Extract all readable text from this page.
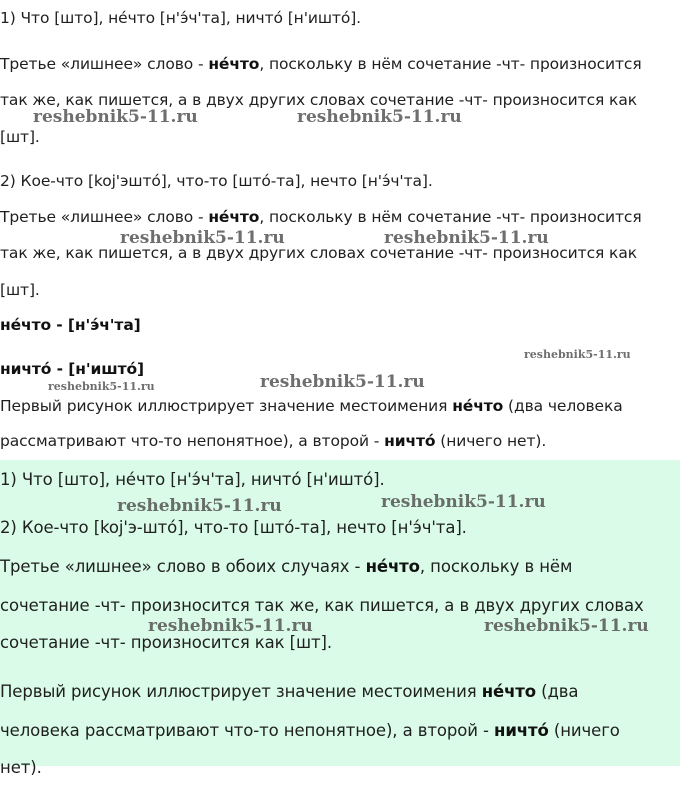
1) Что [што], не́что [н'э́ч'та], ничто́ [н'ишто́].

Третье «лишнее» слово - не́что, поскольку в нём сочетание -чт- произносится

так же, как пишется, а в двух других словах сочетание -чт- произносится как

[шт].

2) Кое-что [koj'эшто́], что-то [што́-та], нечто [н'э́ч'та].

Третье «лишнее» слово - не́что, поскольку в нём сочетание -чт- произносится

так же, как пишется, а в двух других словах сочетание -чт- произносится как

[шт].

не́что - [н'э́ч'та]

ничто́ - [н'ишто́]

Первый рисунок иллюстрирует значение местоимения не́что (два человека

рассматривают что-то непонятное), а второй - ничто́ (ничего нет).

1) Что [што], не́что [н'э́ч'та], ничто́ [н'ишто́].

2) Кое-что [koj'э-што́], что-то [што́-та], нечто [н'э́ч'та].

Третье «лишнее» слово в обоих случаях - не́что, поскольку в нём

сочетание -чт- произносится так же, как пишется, а в двух других словах

сочетание -чт- произносится как [шт].

Первый рисунок иллюстрирует значение местоимения не́что (два

человека рассматривают что-то непонятное), а второй - ничто́ (ничего

нет).

reshebnik5-11.ru	reshebnik5-11.ru
reshebnik5-11.ru	reshebnik5-11.ru
reshebnik5-11.ru
reshebnik5-11.ru
reshebnik5-11.ru
reshebnik5-11.ru	reshebnik5-11.ru
reshebnik5-11.ru	reshebnik5-11.ru
